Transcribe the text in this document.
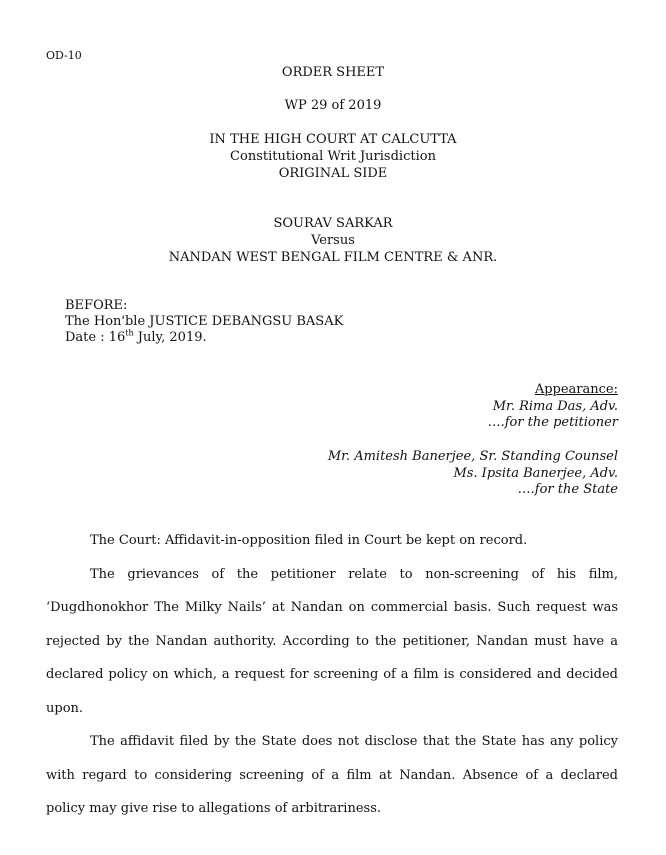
OD-10
ORDER SHEET
WP 29 of 2019
IN THE HIGH COURT AT CALCUTTA
Constitutional Writ Jurisdiction
ORIGINAL SIDE
SOURAV SARKAR
Versus
NANDAN WEST BENGAL FILM CENTRE & ANR.
BEFORE:
The Hon'ble JUSTICE DEBANGSU BASAK
Date : 16th July, 2019.
Appearance:
Mr. Rima Das, Adv.
….for the petitioner
Mr. Amitesh Banerjee, Sr. Standing Counsel
Ms. Ipsita Banerjee, Adv.
….for the State

The Court: Affidavit-in-opposition filed in Court be kept on record.

The grievances of the petitioner relate to non-screening of his film, ‘Dugdhonokhor The Milky Nails’ at Nandan on commercial basis. Such request was rejected by the Nandan authority. According to the petitioner, Nandan must have a declared policy on which, a request for screening of a film is considered and decided upon.

The affidavit filed by the State does not disclose that the State has any policy with regard to considering screening of a film at Nandan. Absence of a declared policy may give rise to allegations of arbitrariness.
